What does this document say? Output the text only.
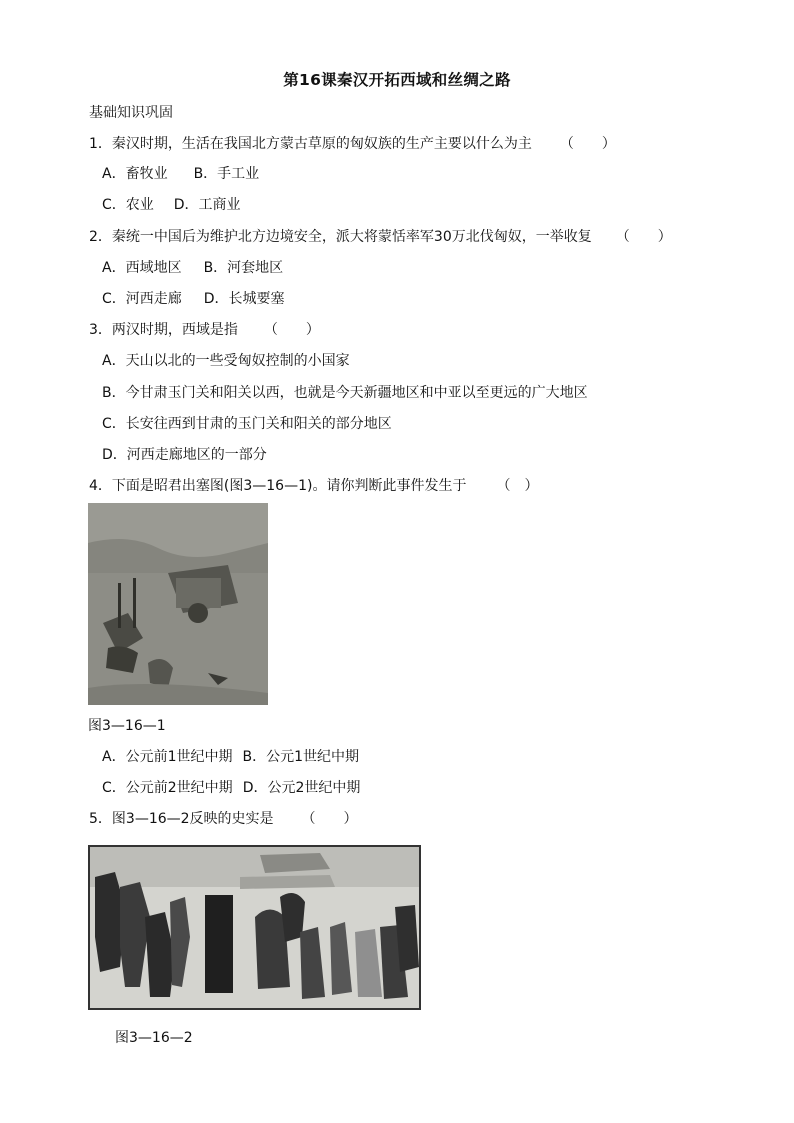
第16课秦汉开拓西域和丝绸之路
基础知识巩固
1．秦汉时期，生活在我国北方蒙古草原的匈奴族的生产主要以什么为主 （　　）
A．畜牧业 B．手工业
C．农业 D．工商业
2．秦统一中国后为维护北方边境安全，派大将蒙恬率军30万北伐匈奴，一举收复 （　　）
A．西域地区 B．河套地区
C．河西走廊 D．长城要塞
3．两汉时期，西域是指 （　　）
A．天山以北的一些受匈奴控制的小国家
B．今甘肃玉门关和阳关以西，也就是今天新疆地区和中亚以至更远的广大地区
C．长安往西到甘肃的玉门关和阳关的部分地区
D．河西走廊地区的一部分
4．下面是昭君出塞图(图3—16—1)。请你判断此事件发生于 （　）
图3—16—1
A．公元前1世纪中期 B．公元1世纪中期
C．公元前2世纪中期 D．公元2世纪中期
5．图3—16—2反映的史实是 （　　）
图3—16—2
